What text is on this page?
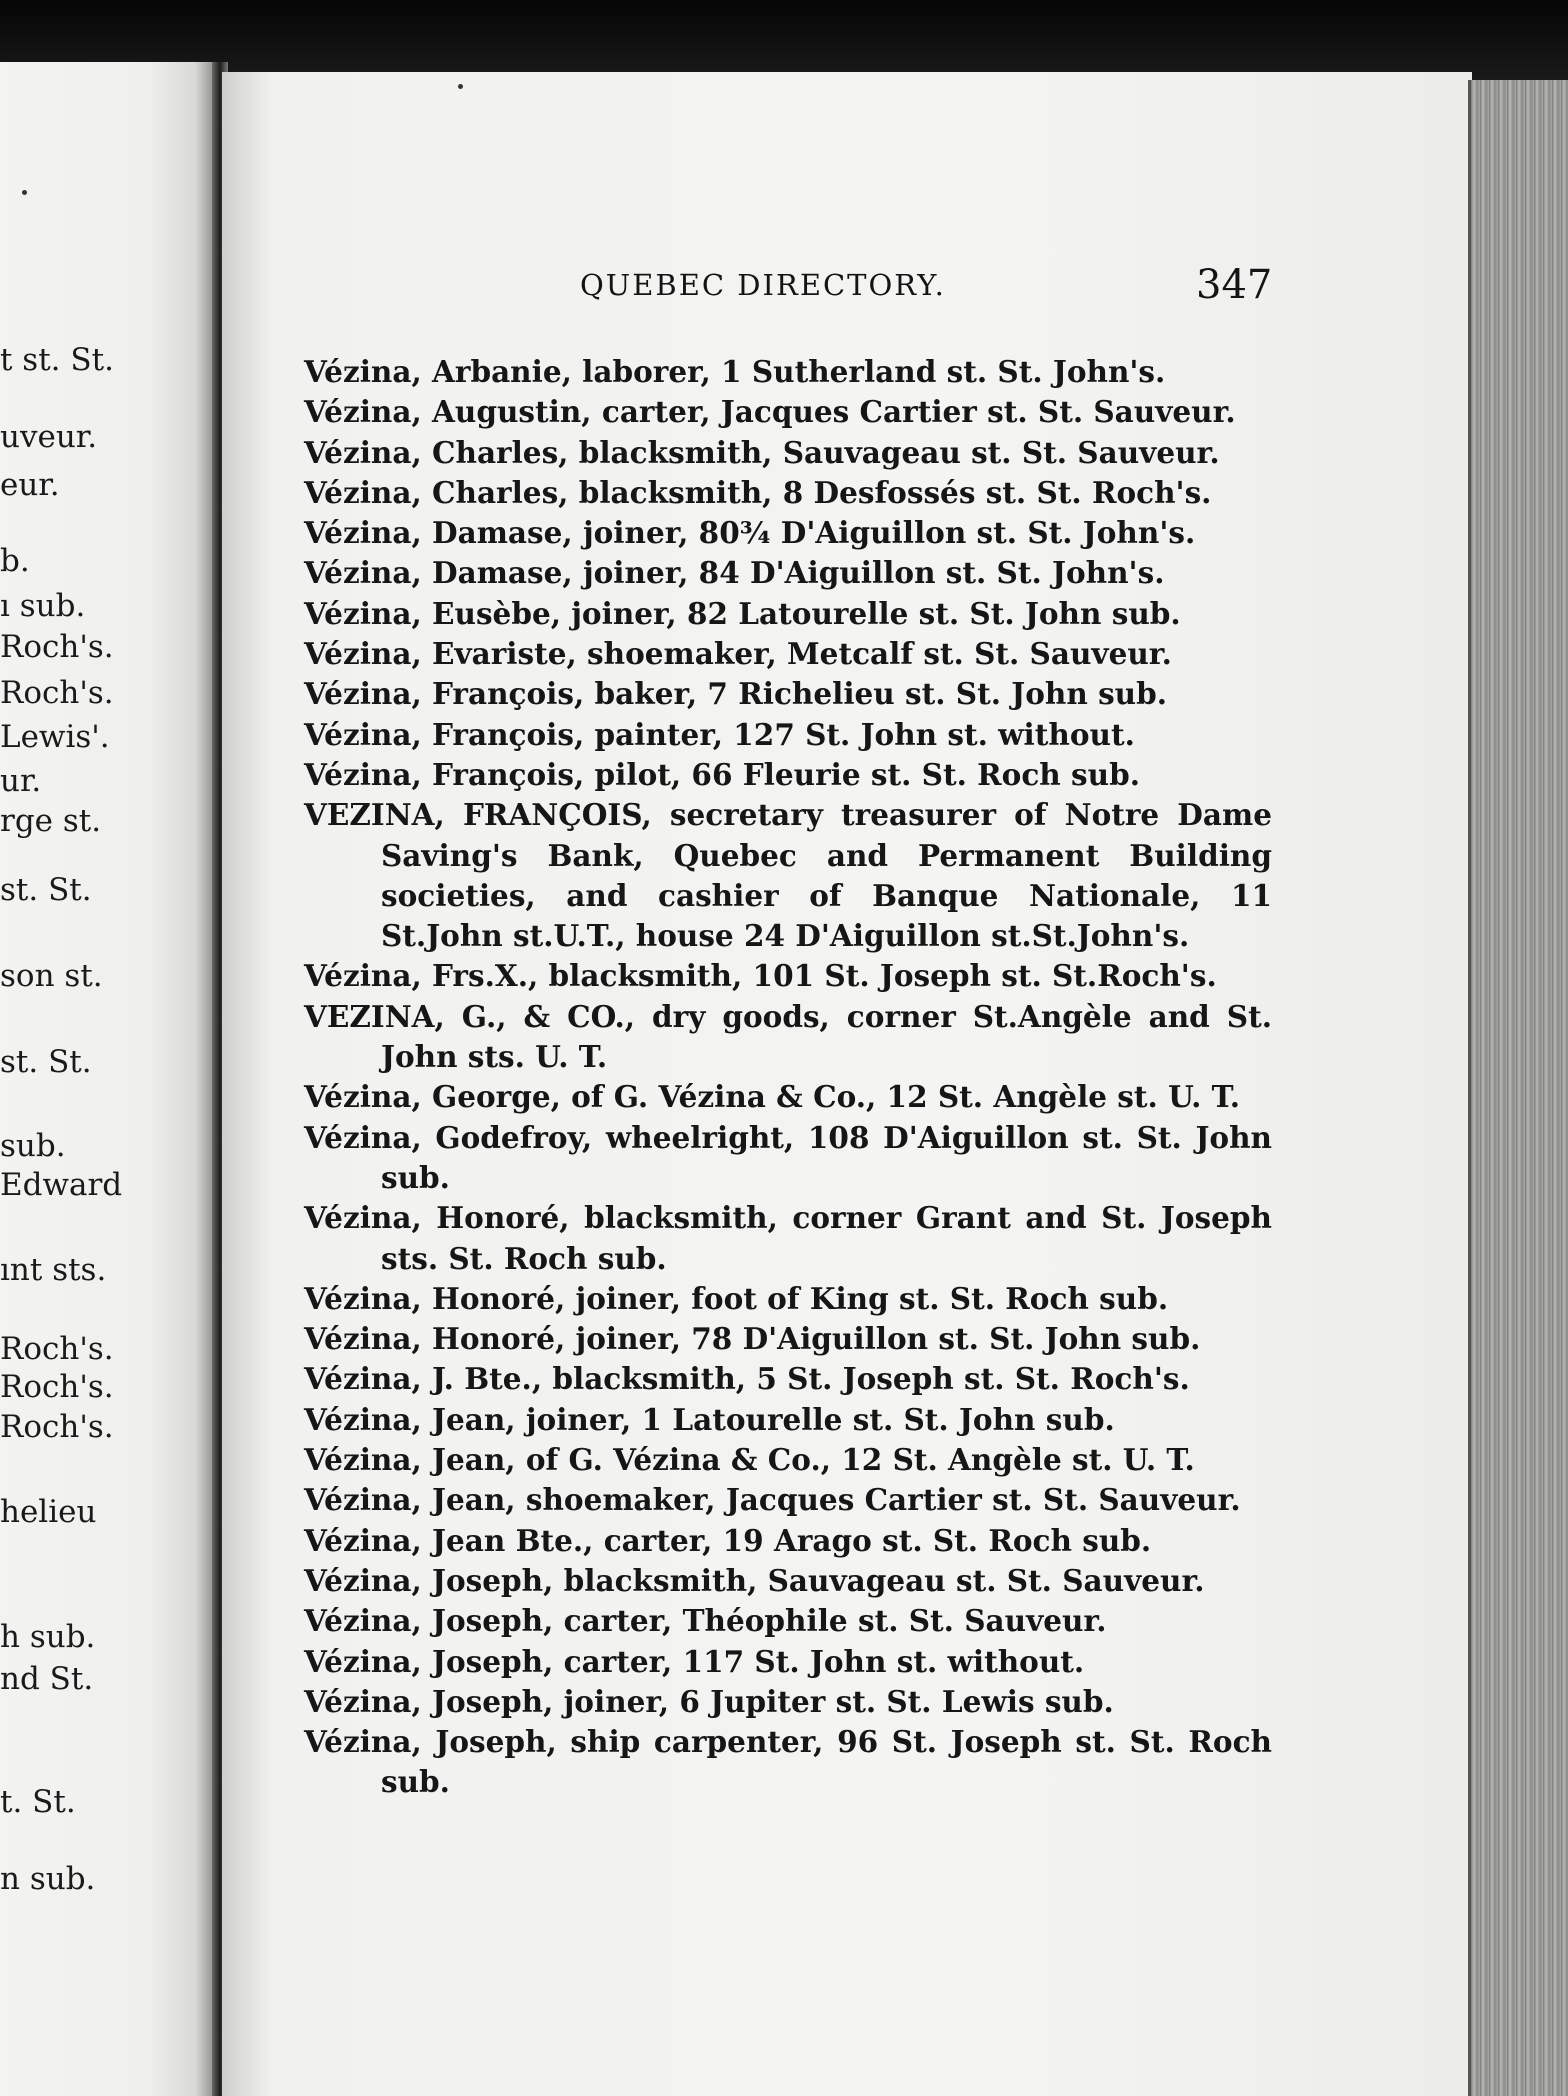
t st. St.
uveur.
eur.
b.
ı sub.
Roch's.
Roch's.
Lewis'.
ur.
rge st.
st. St.
son st.
st. St.
sub.
Edward
ınt sts.
Roch's.
Roch's.
Roch's.
helieu
h sub.
nd St.
t. St.
n sub.
QUEBEC DIRECTORY.	347
Vézina, Arbanie, laborer, 1 Sutherland st. St. John's.
Vézina, Augustin, carter, Jacques Cartier st. St. Sauveur.
Vézina, Charles, blacksmith, Sauvageau st. St. Sauveur.
Vézina, Charles, blacksmith, 8 Desfossés st. St. Roch's.
Vézina, Damase, joiner, 80¾ D'Aiguillon st. St. John's.
Vézina, Damase, joiner, 84 D'Aiguillon st. St. John's.
Vézina, Eusèbe, joiner, 82 Latourelle st. St. John sub.
Vézina, Evariste, shoemaker, Metcalf st. St. Sauveur.
Vézina, François, baker, 7 Richelieu st. St. John sub.
Vézina, François, painter, 127 St. John st. without.
Vézina, François, pilot, 66 Fleurie st. St. Roch sub.
VEZINA, FRANÇOIS, secretary treasurer of Notre Dame Saving's Bank, Quebec and Permanent Building societies, and cashier of Banque Nationale, 11 St.John st.U.T., house 24 D'Aiguillon st.St.John's.
Vézina, Frs.X., blacksmith, 101 St. Joseph st. St.Roch's.
VEZINA, G., & CO., dry goods, corner St.Angèle and St. John sts. U. T.
Vézina, George, of G. Vézina & Co., 12 St. Angèle st. U. T.
Vézina, Godefroy, wheelright, 108 D'Aiguillon st. St. John sub.
Vézina, Honoré, blacksmith, corner Grant and St. Joseph sts. St. Roch sub.
Vézina, Honoré, joiner, foot of King st. St. Roch sub.
Vézina, Honoré, joiner, 78 D'Aiguillon st. St. John sub.
Vézina, J. Bte., blacksmith, 5 St. Joseph st. St. Roch's.
Vézina, Jean, joiner, 1 Latourelle st. St. John sub.
Vézina, Jean, of G. Vézina & Co., 12 St. Angèle st. U. T.
Vézina, Jean, shoemaker, Jacques Cartier st. St. Sauveur.
Vézina, Jean Bte., carter, 19 Arago st. St. Roch sub.
Vézina, Joseph, blacksmith, Sauvageau st. St. Sauveur.
Vézina, Joseph, carter, Théophile st. St. Sauveur.
Vézina, Joseph, carter, 117 St. John st. without.
Vézina, Joseph, joiner, 6 Jupiter st. St. Lewis sub.
Vézina, Joseph, ship carpenter, 96 St. Joseph st. St. Roch sub.
